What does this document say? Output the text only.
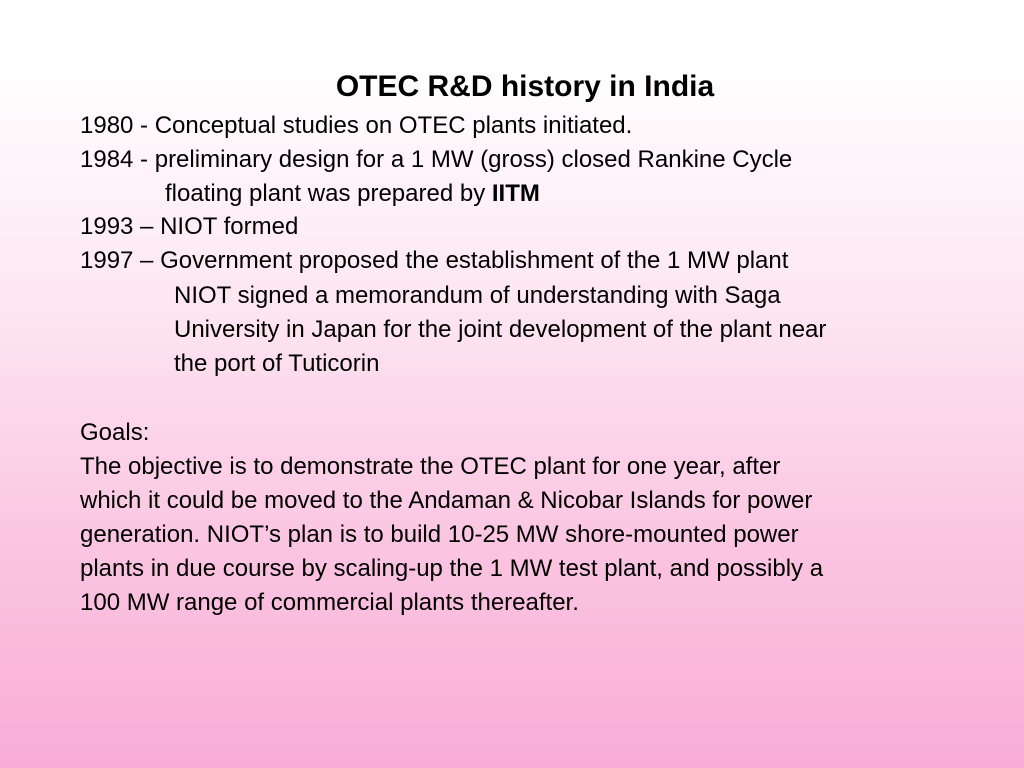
OTEC R&D history in India
1980 - Conceptual studies on OTEC plants initiated.
1984 - preliminary design for a 1 MW (gross) closed Rankine Cycle
floating plant was prepared by IITM
1993 – NIOT formed
1997 – Government proposed the establishment of the 1 MW plant
NIOT signed a memorandum of understanding with Saga
University in Japan for the joint development of the plant near
the port of Tuticorin
Goals:
The objective is to demonstrate the OTEC plant for one year, after
which it could be moved to the Andaman & Nicobar Islands for power
generation. NIOT’s plan is to build 10-25 MW shore-mounted power
plants in due course by scaling-up the 1 MW test plant, and possibly a
100 MW range of commercial plants thereafter.
